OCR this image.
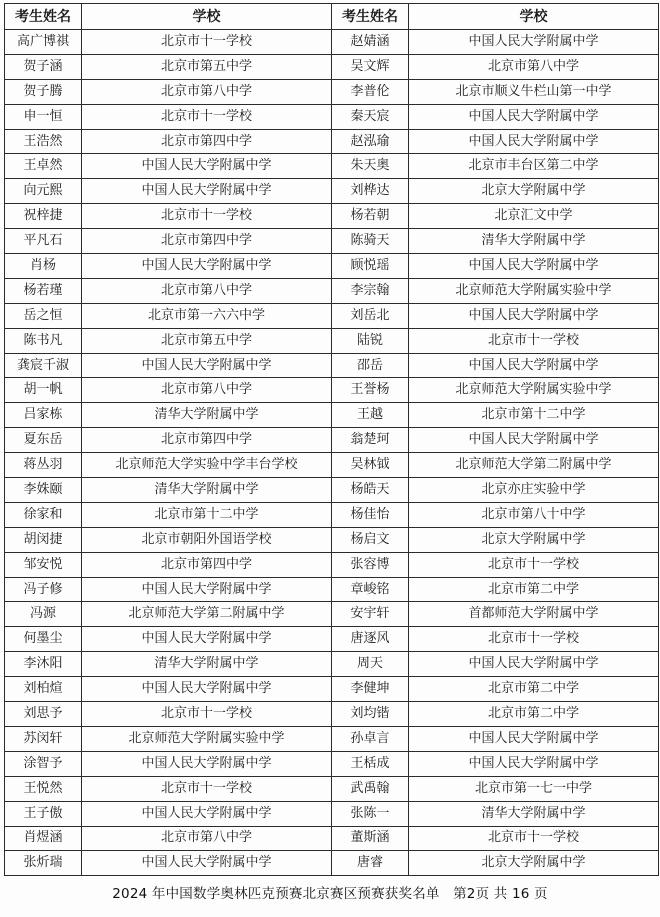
考生姓名	学校	考生姓名	学校
高广博祺	北京市十一学校	赵婧涵	中国人民大学附属中学
贺子涵	北京市第五中学	吴文辉	北京市第八中学
贺子腾	北京市第八中学	李普伦	北京市顺义牛栏山第一中学
申一恒	北京市十一学校	秦天宸	中国人民大学附属中学
王浩然	北京市第四中学	赵泓瑜	中国人民大学附属中学
王卓然	中国人民大学附属中学	朱天奥	北京市丰台区第二中学
向元熙	中国人民大学附属中学	刘桦达	北京大学附属中学
祝梓捷	北京市十一学校	杨若朝	北京汇文中学
平凡石	北京市第四中学	陈骑天	清华大学附属中学
肖杨	中国人民大学附属中学	顾悦瑶	中国人民大学附属中学
杨若瑾	北京市第八中学	李宗翰	北京师范大学附属实验中学
岳之恒	北京市第一六六中学	刘岳北	中国人民大学附属中学
陈书凡	北京市第五中学	陆锐	北京市十一学校
龚宸千淑	中国人民大学附属中学	邵岳	中国人民大学附属中学
胡一帆	北京市第八中学	王誉杨	北京师范大学附属实验中学
吕家栋	清华大学附属中学	王越	北京市第十二中学
夏东岳	北京市第四中学	翁楚珂	中国人民大学附属中学
蒋丛羽	北京师范大学实验中学丰台学校	吴林钺	北京师范大学第二附属中学
李姝颐	清华大学附属中学	杨皓天	北京亦庄实验中学
徐家和	北京市第十二中学	杨佳怡	北京市第八十中学
胡闵捷	北京市朝阳外国语学校	杨启文	北京大学附属中学
邹安悦	北京市第四中学	张容博	北京市十一学校
冯子修	中国人民大学附属中学	章峻铭	北京市第二中学
冯源	北京师范大学第二附属中学	安宇轩	首都师范大学附属中学
何墨尘	中国人民大学附属中学	唐逐风	北京市十一学校
李沐阳	清华大学附属中学	周天	中国人民大学附属中学
刘柏煊	中国人民大学附属中学	李健坤	北京市第二中学
刘思予	北京市十一学校	刘均锴	北京市第二中学
苏闵轩	北京师范大学附属实验中学	孙卓言	中国人民大学附属中学
涂智予	中国人民大学附属中学	王栝成	中国人民大学附属中学
王悦然	北京市十一学校	武禹翰	北京市第一七一中学
王子傲	中国人民大学附属中学	张陈一	清华大学附属中学
肖煜涵	北京市第八中学	董斯涵	北京市十一学校
张炘瑞	中国人民大学附属中学	唐睿	北京大学附属中学
2024 年中国数学奥林匹克预赛北京赛区预赛获奖名单 第2页 共 16 页
